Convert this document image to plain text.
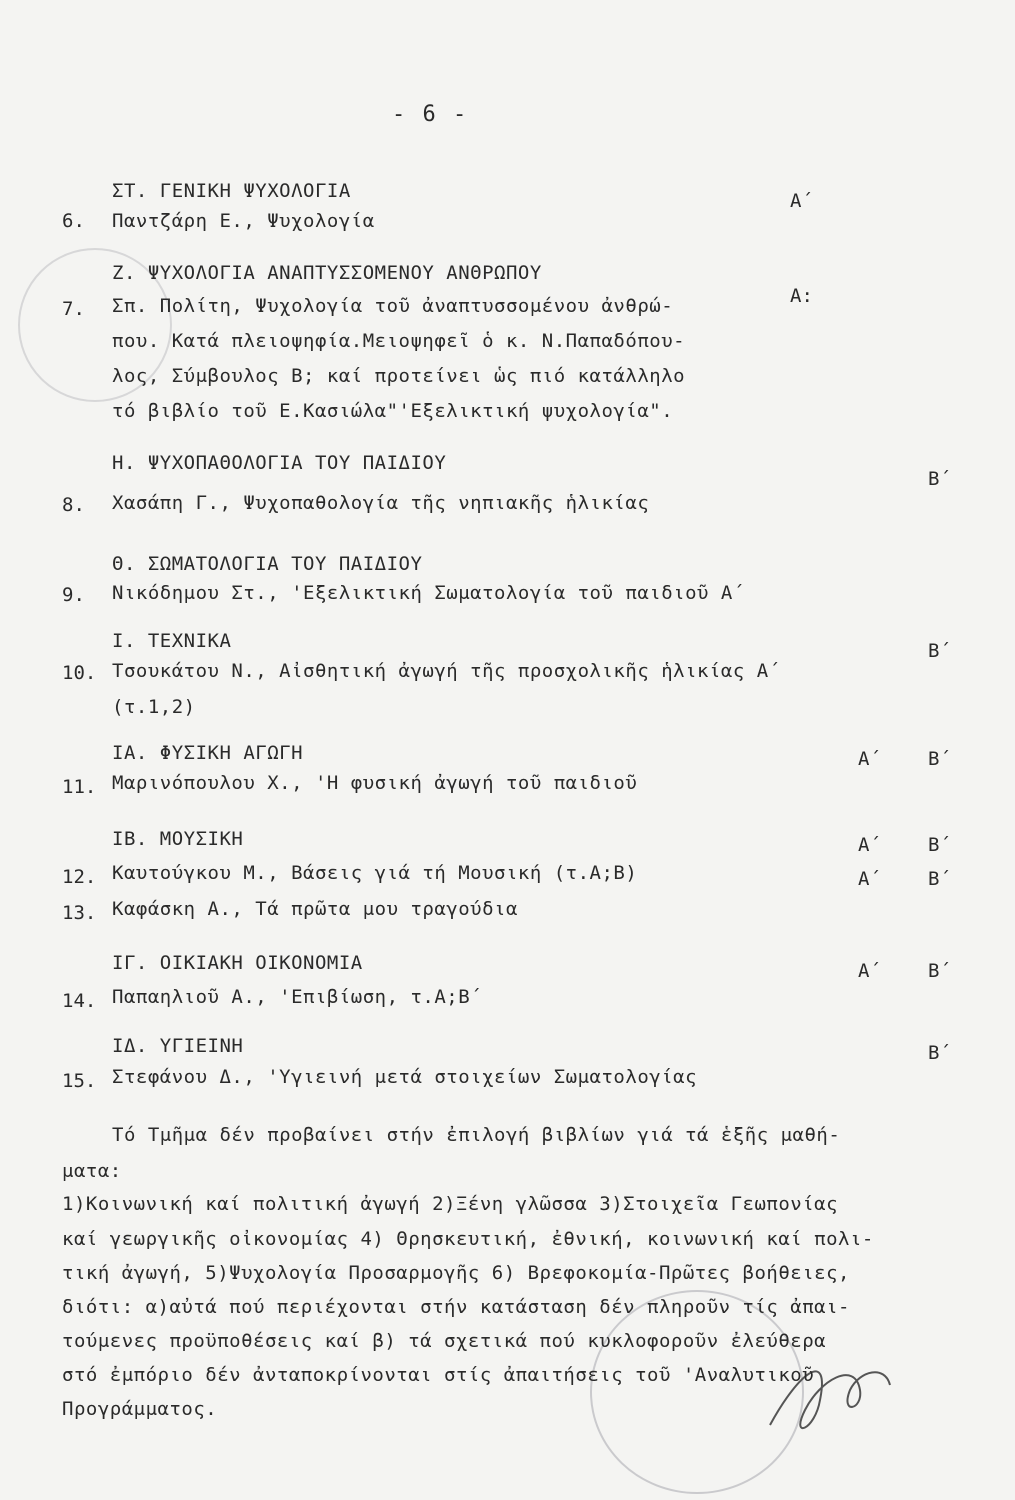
- 6 -
ΣΤ. ΓΕΝΙΚΗ ΨΥΧΟΛΟΓΙΑ
6. Παντζάρη Ε., Ψυχολογία
Α΄
Ζ. ΨΥΧΟΛΟΓΙΑ ΑΝΑΠΤΥΣΣΟΜΕΝΟΥ ΑΝΘΡΩΠΟΥ
7. Σπ. Πολίτη, Ψυχολογία τοῦ ἀναπτυσσομένου ἀνθρώ-	Α:
που. Κατά πλειοψηφία.Μειοψηφεῖ ὁ κ. Ν.Παπαδόπου-
λος, Σύμβουλος Β; καί προτείνει ὡς πιό κατάλληλο
τό βιβλίο τοῦ Ε.Κασιώλα"'Εξελικτική ψυχολογία".
Η. ΨΥΧΟΠΑΘΟΛΟΓΙΑ ΤΟΥ ΠΑΙΔΙΟΥ
8. Χασάπη Γ., Ψυχοπαθολογία τῆς νηπιακῆς ἡλικίας
Β΄
Θ. ΣΩΜΑΤΟΛΟΓΙΑ ΤΟΥ ΠΑΙΔΙΟΥ
9. Νικόδημου Στ., 'Εξελικτική Σωματολογία τοῦ παιδιοῦ Α΄
Ι. ΤΕΧΝΙΚΑ
10. Τσουκάτου Ν., Αἰσθητική ἀγωγή τῆς προσχολικῆς ἡλικίας Α΄
Β΄
(τ.1,2)
ΙΑ. ΦΥΣΙΚΗ ΑΓΩΓΗ
11. Μαρινόπουλου Χ., 'Η φυσική ἀγωγή τοῦ παιδιοῦ
Α΄ Β΄
ΙΒ. ΜΟΥΣΙΚΗ
12. Καυτούγκου Μ., Βάσεις γιά τή Μουσική (τ.Α;Β)
Α΄ Β΄
13. Καφάσκη Α., Τά πρῶτα μου τραγούδια
Α΄ Β΄
ΙΓ. ΟΙΚΙΑΚΗ ΟΙΚΟΝΟΜΙΑ
14. Παπαηλιοῦ Α., 'Επιβίωση, τ.Α;Β΄
Α΄ Β΄
ΙΔ. ΥΓΙΕΙΝΗ
15. Στεφάνου Δ., 'Υγιεινή μετά στοιχείων Σωματολογίας
Β΄
Τό Τμῆμα δέν προβαίνει στήν ἐπιλογή βιβλίων γιά τά ἑξῆς μαθή-
ματα:
1)Κοινωνική καί πολιτική ἀγωγή 2)Ξένη γλῶσσα 3)Στοιχεῖα Γεωπονίας
καί γεωργικῆς οἰκονομίας 4) Θρησκευτική, ἐθνική, κοινωνική καί πολι-
τική ἀγωγή, 5)Ψυχολογία Προσαρμογῆς 6) Βρεφοκομία-Πρῶτες βοήθειες,
διότι: α)αὐτά πού περιέχονται στήν κατάσταση δέν πληροῦν τίς ἀπαι-
τούμενες προϋποθέσεις καί β) τά σχετικά πού κυκλοφοροῦν ἐλεύθερα
στό ἐμπόριο δέν ἀνταποκρίνονται στίς ἀπαιτήσεις τοῦ 'Αναλυτικοῦ
Προγράμματος.
